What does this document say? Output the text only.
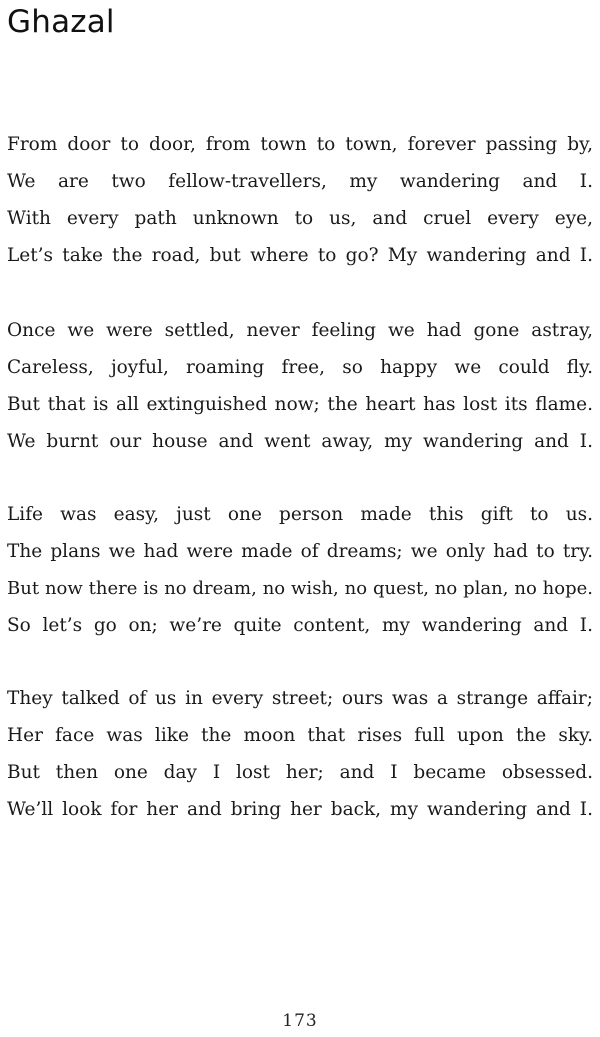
Ghazal
From door to door, from town to town, forever passing by,
We are two fellow-travellers, my wandering and I.
With every path unknown to us, and cruel every eye,
Let’s take the road, but where to go? My wandering and I.
Once we were settled, never feeling we had gone astray,
Careless, joyful, roaming free, so happy we could fly.
But that is all extinguished now; the heart has lost its flame.
We burnt our house and went away, my wandering and I.
Life was easy, just one person made this gift to us.
The plans we had were made of dreams; we only had to try.
But now there is no dream, no wish, no quest, no plan, no hope.
So let’s go on; we’re quite content, my wandering and I.
They talked of us in every street; ours was a strange affair;
Her face was like the moon that rises full upon the sky.
But then one day I lost her; and I became obsessed.
We’ll look for her and bring her back, my wandering and I.
173
